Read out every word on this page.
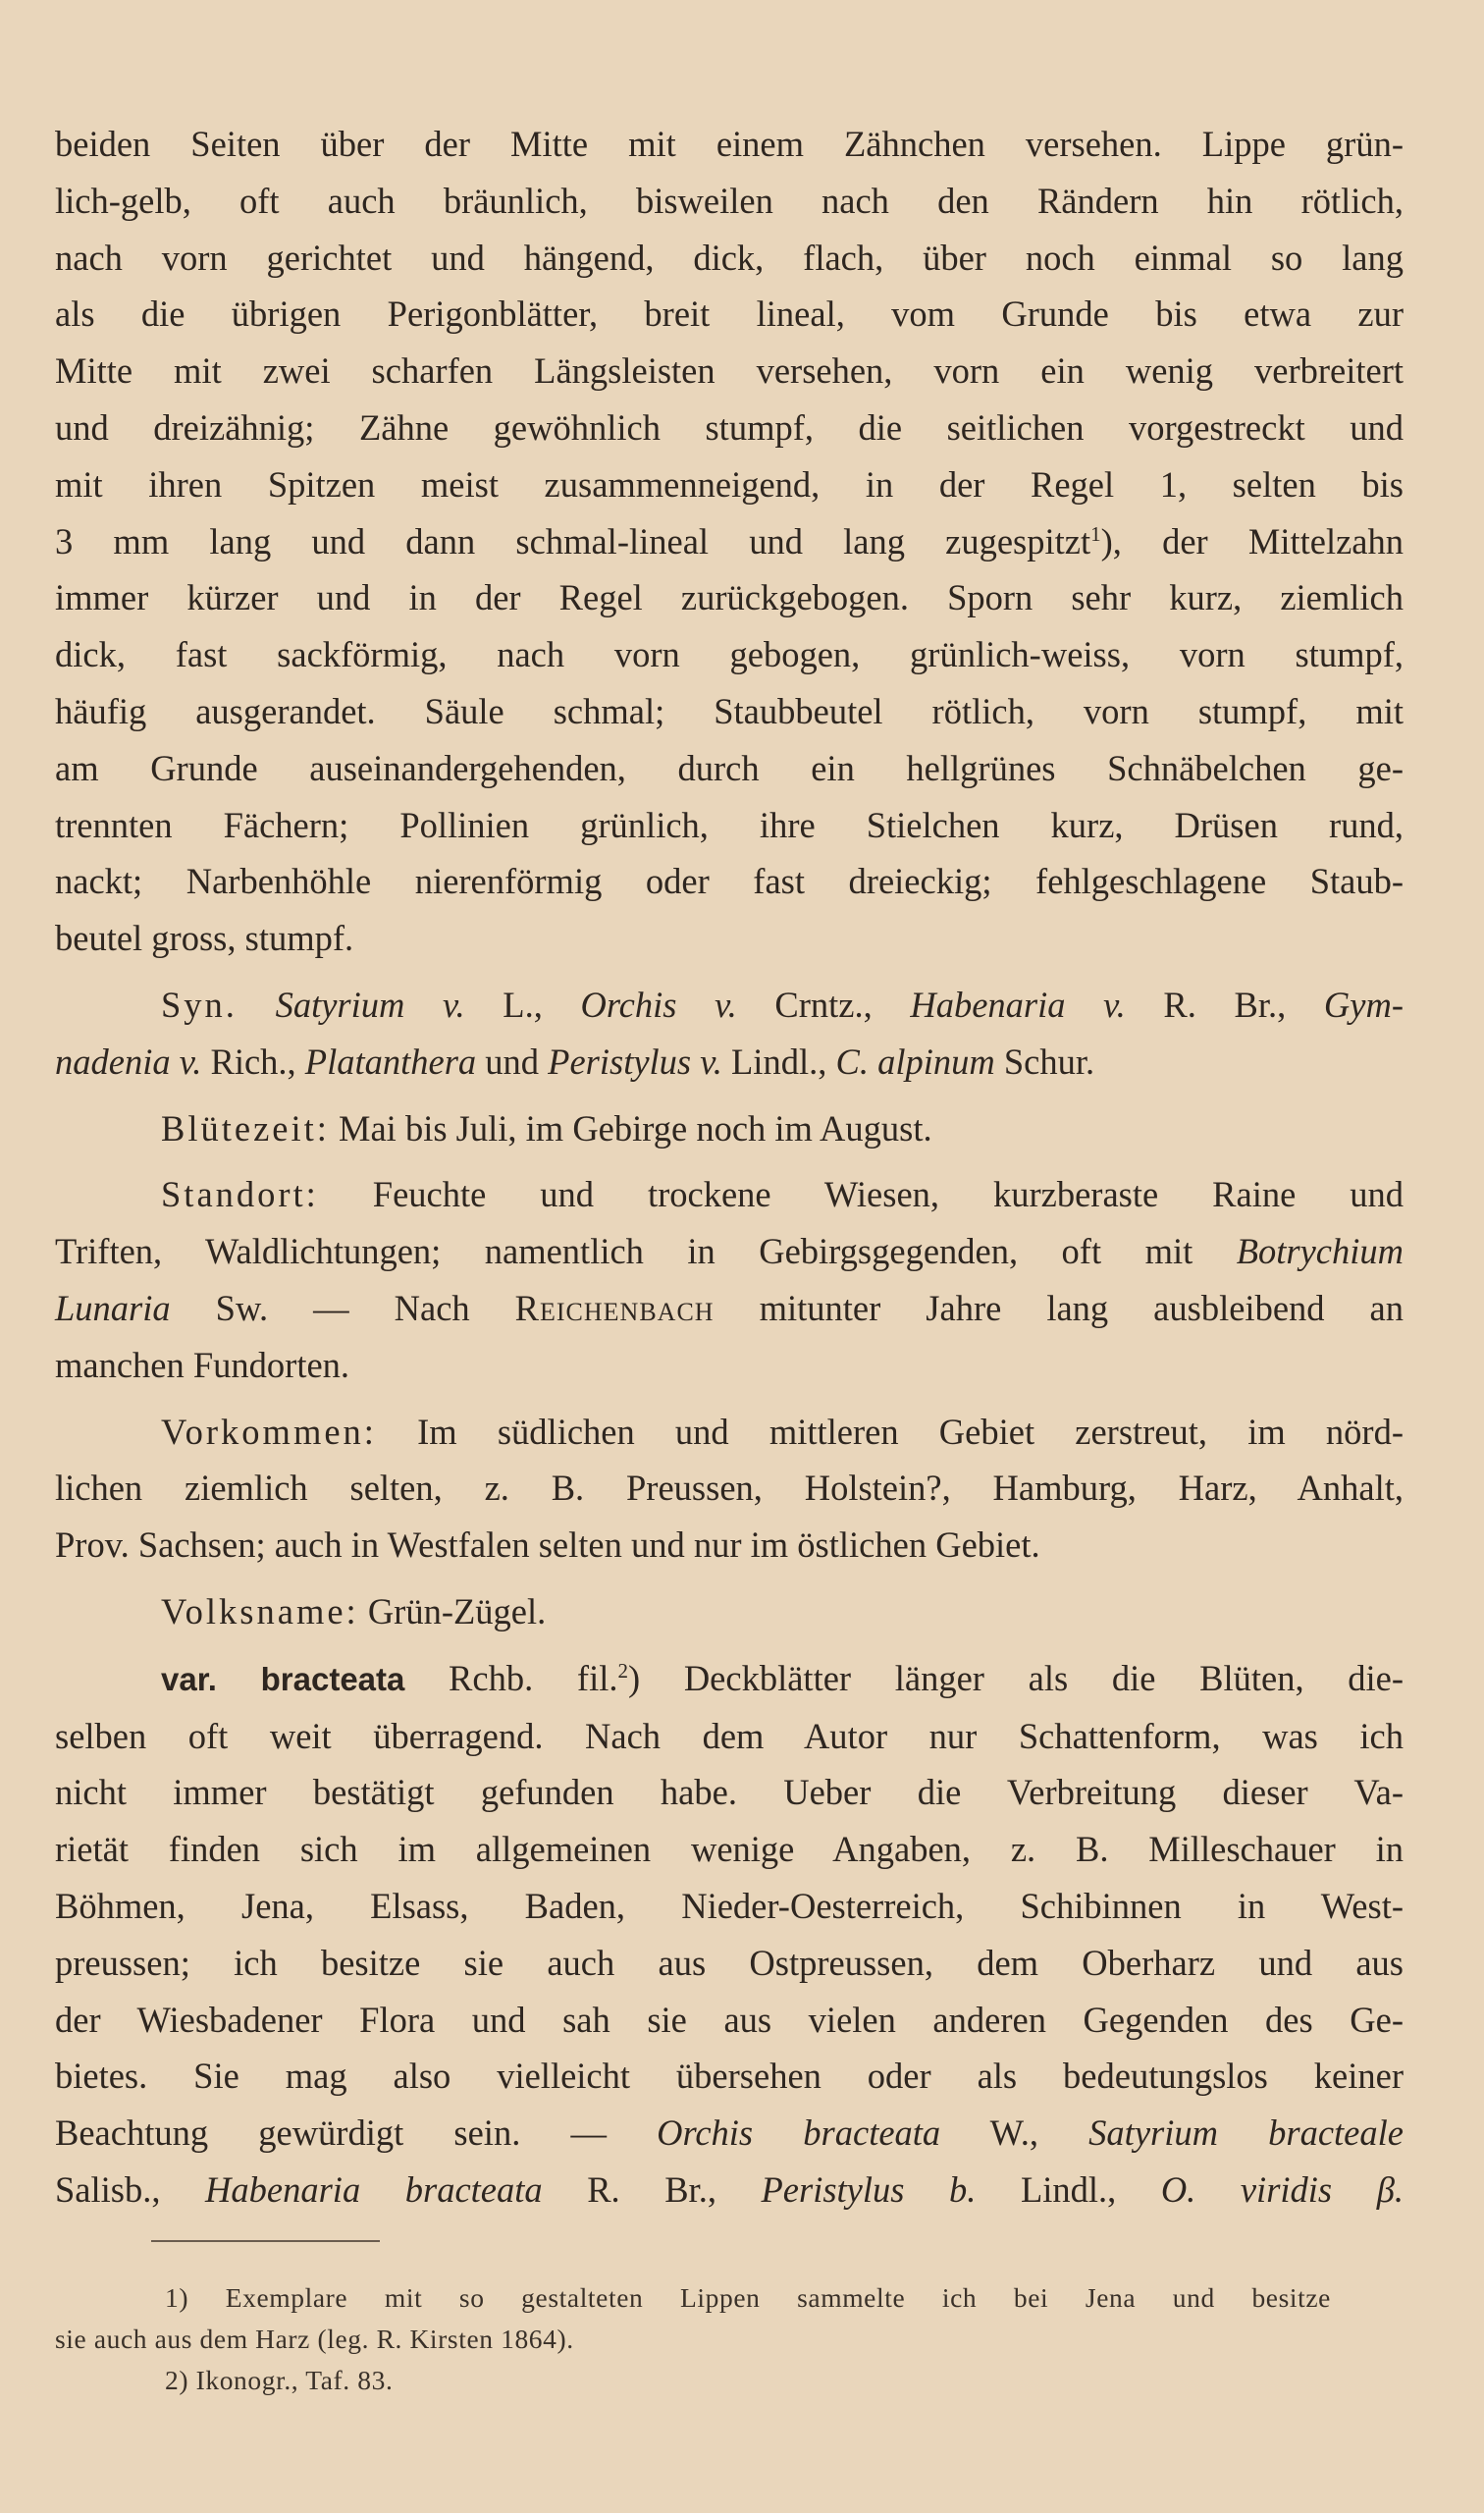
beiden Seiten über der Mitte mit einem Zähnchen versehen. Lippe grün-
lich-gelb, oft auch bräunlich, bisweilen nach den Rändern hin rötlich,
nach vorn gerichtet und hängend, dick, flach, über noch einmal so lang
als die übrigen Perigonblätter, breit lineal, vom Grunde bis etwa zur
Mitte mit zwei scharfen Längsleisten versehen, vorn ein wenig verbreitert
und dreizähnig; Zähne gewöhnlich stumpf, die seitlichen vorgestreckt und
mit ihren Spitzen meist zusammenneigend, in der Regel 1, selten bis
3 mm lang und dann schmal-lineal und lang zugespitzt$^1$), der Mittelzahn
immer kürzer und in der Regel zurückgebogen. Sporn sehr kurz, ziemlich
dick, fast sackförmig, nach vorn gebogen, grünlich-weiss, vorn stumpf,
häufig ausgerandet. Säule schmal; Staubbeutel rötlich, vorn stumpf, mit
am Grunde auseinandergehenden, durch ein hellgrünes Schnäbelchen ge-
trennten Fächern; Pollinien grünlich, ihre Stielchen kurz, Drüsen rund,
nackt; Narbenhöhle nierenförmig oder fast dreieckig; fehlgeschlagene Staub-
beutel gross, stumpf.
Syn. Satyrium v. L., Orchis v. Crntz., Habenaria v. R. Br., Gym-
nadenia v. Rich., Platanthera und Peristylus v. Lindl., C. alpinum Schur.
Blütezeit: Mai bis Juli, im Gebirge noch im August.
Standort: Feuchte und trockene Wiesen, kurzberaste Raine und
Triften, Waldlichtungen; namentlich in Gebirgsgegenden, oft mit Botrychium
Lunaria Sw. — Nach Reichenbach mitunter Jahre lang ausbleibend an
manchen Fundorten.
Vorkommen: Im südlichen und mittleren Gebiet zerstreut, im nörd-
lichen ziemlich selten, z. B. Preussen, Holstein?, Hamburg, Harz, Anhalt,
Prov. Sachsen; auch in Westfalen selten und nur im östlichen Gebiet.
Volksname: Grün-Zügel.
var. bracteata Rchb. fil.$^2$) Deckblätter länger als die Blüten, die-
selben oft weit überragend. Nach dem Autor nur Schattenform, was ich
nicht immer bestätigt gefunden habe. Ueber die Verbreitung dieser Va-
rietät finden sich im allgemeinen wenige Angaben, z. B. Milleschauer in
Böhmen, Jena, Elsass, Baden, Nieder-Oesterreich, Schibinnen in West-
preussen; ich besitze sie auch aus Ostpreussen, dem Oberharz und aus
der Wiesbadener Flora und sah sie aus vielen anderen Gegenden des Ge-
bietes. Sie mag also vielleicht übersehen oder als bedeutungslos keiner
Beachtung gewürdigt sein. — Orchis bracteata W., Satyrium bracteale
Salisb., Habenaria bracteata R. Br., Peristylus b. Lindl., O. viridis β.
1) Exemplare mit so gestalteten Lippen sammelte ich bei Jena und besitze
sie auch aus dem Harz (leg. R. Kirsten 1864).
2) Ikonogr., Taf. 83.
